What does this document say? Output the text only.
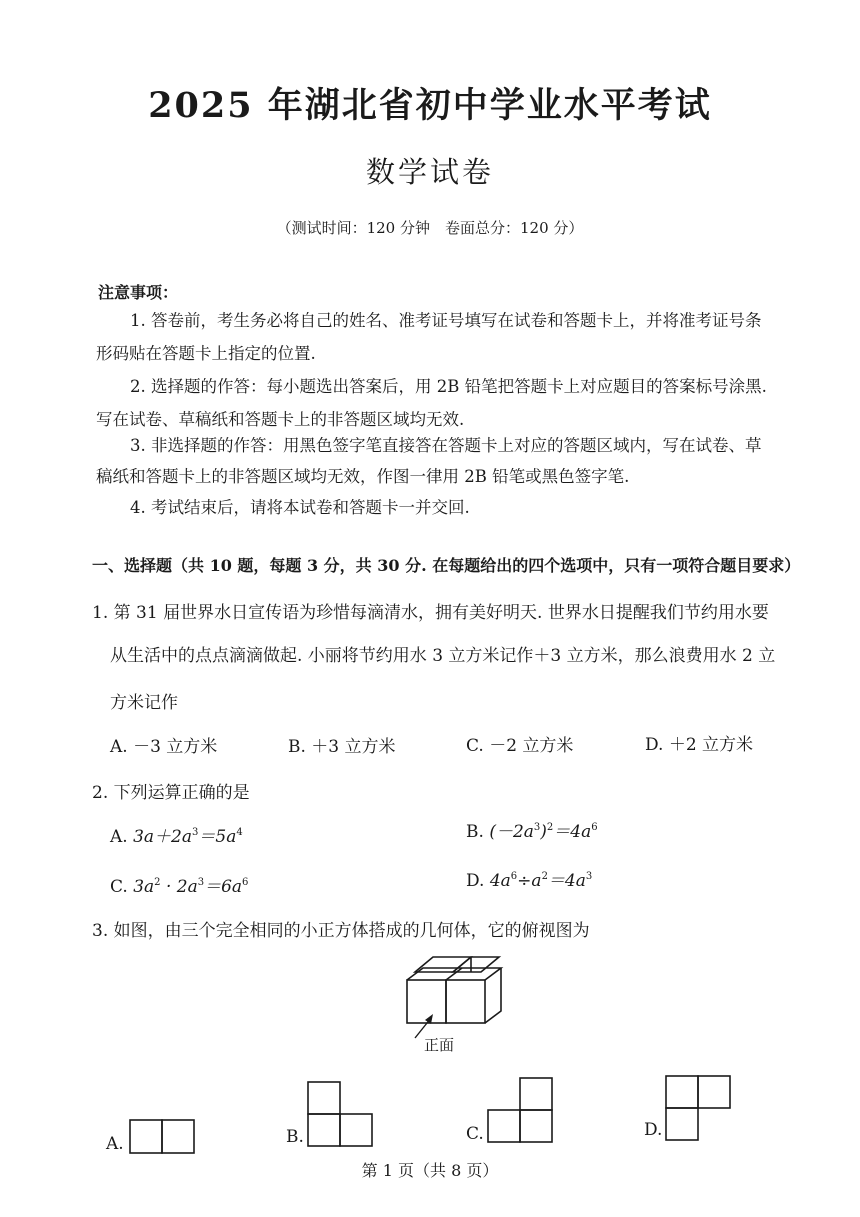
2025 年湖北省初中学业水平考试
数学试卷
（测试时间：120 分钟　卷面总分：120 分）
注意事项：
1. 答卷前，考生务必将自己的姓名、准考证号填写在试卷和答题卡上，并将准考证号条
形码贴在答题卡上指定的位置.
2. 选择题的作答：每小题选出答案后，用 2B 铅笔把答题卡上对应题目的答案标号涂黑.
写在试卷、草稿纸和答题卡上的非答题区域均无效.
3. 非选择题的作答：用黑色签字笔直接答在答题卡上对应的答题区域内，写在试卷、草
稿纸和答题卡上的非答题区域均无效，作图一律用 2B 铅笔或黑色签字笔.
4. 考试结束后，请将本试卷和答题卡一并交回.
一、选择题（共 10 题，每题 3 分，共 30 分. 在每题给出的四个选项中，只有一项符合题目要求）
1. 第 31 届世界水日宣传语为珍惜每滴清水，拥有美好明天. 世界水日提醒我们节约用水要
从生活中的点点滴滴做起. 小丽将节约用水 3 立方米记作＋3 立方米，那么浪费用水 2 立
方米记作
A. －3 立方米	B. ＋3 立方米	C. －2 立方米	D. ＋2 立方米
2. 下列运算正确的是
A. $3a+2a^3=5a^4$	B. $(-2a^3)^2=4a^6$
C. $3a^2 \cdot 2a^3=6a^6$	D. $4a^6\div a^2=4a^3$
3. 如图，由三个完全相同的小正方体搭成的几何体，它的俯视图为
正面
A.	B.	C.	D.
第 1 页（共 8 页）
